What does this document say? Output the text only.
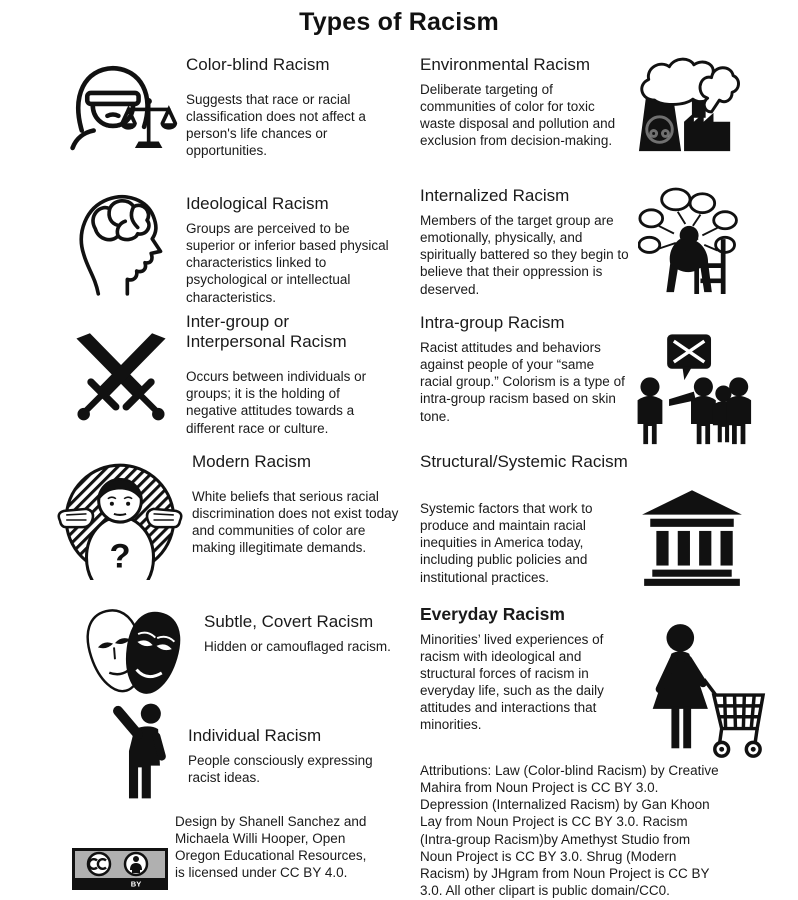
Types of Racism
Color-blind Racism

Suggests that race or racial classification does not affect a person's life chances or opportunities.

Environmental Racism

Deliberate targeting of communities of color for toxic waste disposal and pollution and exclusion from decision-making.

Ideological Racism

Groups are perceived to be superior or inferior based physical characteristics linked to psychological or intellectual characteristics.

Internalized Racism

Members of the target group are emotionally, physically, and spiritually battered so they begin to believe that their oppression is deserved.

Inter-group or Interpersonal Racism

Occurs between individuals or groups; it is the holding of negative attitudes towards a different race or culture.

Intra-group Racism

Racist attitudes and behaviors against people of your “same racial group.” Colorism is a type of intra-group racism based on skin tone.

?
Modern Racism

White beliefs that serious racial discrimination does not exist today and communities of color are making illegitimate demands.

Structural/Systemic Racism

Systemic factors that work to produce and maintain racial inequities in America today, including public policies and institutional practices.

Subtle, Covert Racism

Hidden or camouflaged racism.

Everyday Racism

Minorities’ lived experiences of racism with ideological and structural forces of racism in everyday life, such as the daily attitudes and interactions that minorities.

Individual Racism

People consciously expressing racist ideas.

Design by Shanell Sanchez and Michaela Willi Hooper, Open Oregon Educational Resources, is licensed under CC BY 4.0.
BY
Attributions: Law (Color-blind Racism) by Creative Mahira from Noun Project is CC BY 3.0. Depression (Internalized Racism) by Gan Khoon Lay from Noun Project is CC BY 3.0. Racism (Intra-group Racism)by Amethyst Studio from Noun Project is CC BY 3.0. Shrug (Modern Racism) by JHgram from Noun Project is CC BY 3.0. All other clipart is public domain/CC0.
